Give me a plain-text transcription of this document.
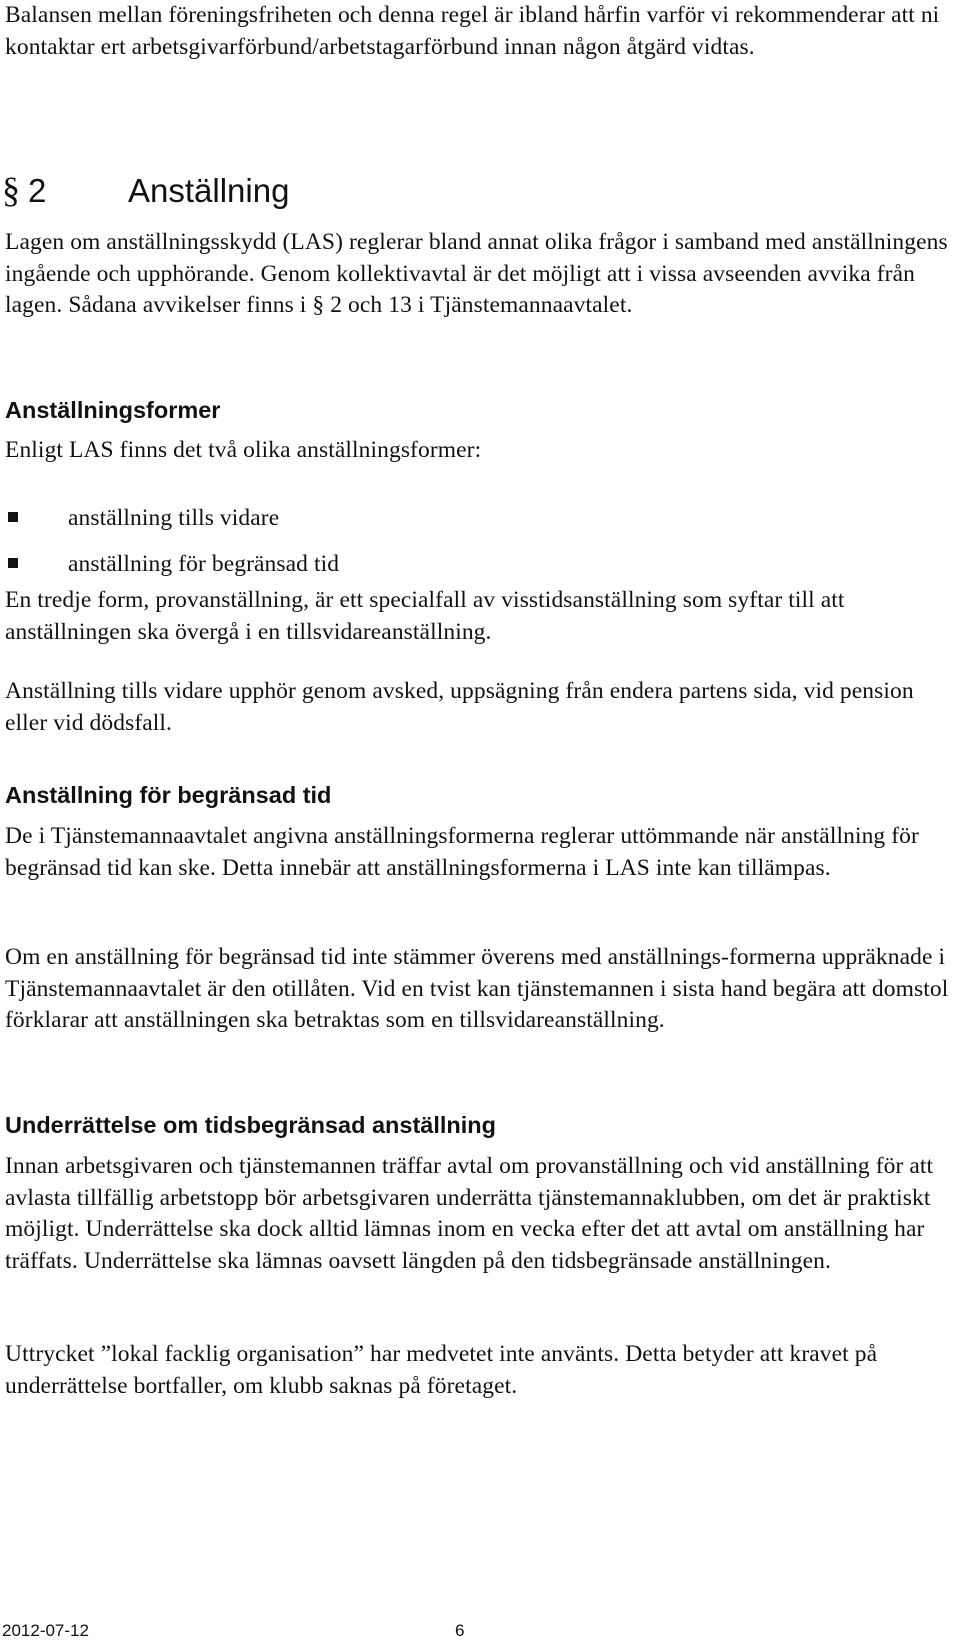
Balansen mellan föreningsfriheten och denna regel är ibland hårfin varför vi rekommenderar att ni kontaktar ert arbetsgivarförbund/arbetstagarförbund innan någon åtgärd vidtas.

§ 2	Anställning

Lagen om anställningsskydd (LAS) reglerar bland annat olika frågor i samband med anställningens ingående och upphörande. Genom kollektivavtal är det möjligt att i vissa avseenden avvika från lagen. Sådana avvikelser finns i § 2 och 13 i Tjänstemannaavtalet.

Anställningsformer

Enligt LAS finns det två olika anställningsformer:

anställning tills vidare
anställning för begränsad tid

En tredje form, provanställning, är ett specialfall av visstidsanställning som syftar till att anställningen ska övergå i en tillsvidareanställning.

Anställning tills vidare upphör genom avsked, uppsägning från endera partens sida, vid pension eller vid dödsfall.

Anställning för begränsad tid

De i Tjänstemannaavtalet angivna anställningsformerna reglerar uttömmande när anställning för begränsad tid kan ske. Detta innebär att anställningsformerna i LAS inte kan tillämpas.

Om en anställning för begränsad tid inte stämmer överens med anställnings-formerna uppräknade i Tjänstemannaavtalet är den otillåten. Vid en tvist kan tjänstemannen i sista hand begära att domstol förklarar att anställningen ska betraktas som en tillsvidareanställning.

Underrättelse om tidsbegränsad anställning

Innan arbetsgivaren och tjänstemannen träffar avtal om provanställning och vid anställning för att avlasta tillfällig arbetstopp bör arbetsgivaren underrätta tjänstemannaklubben, om det är praktiskt möjligt. Underrättelse ska dock alltid lämnas inom en vecka efter det att avtal om anställning har träffats. Underrättelse ska lämnas oavsett längden på den tidsbegränsade anställningen.

Uttrycket ”lokal facklig organisation” har medvetet inte använts. Detta betyder att kravet på underrättelse bortfaller, om klubb saknas på företaget.

2012-07-12	6
